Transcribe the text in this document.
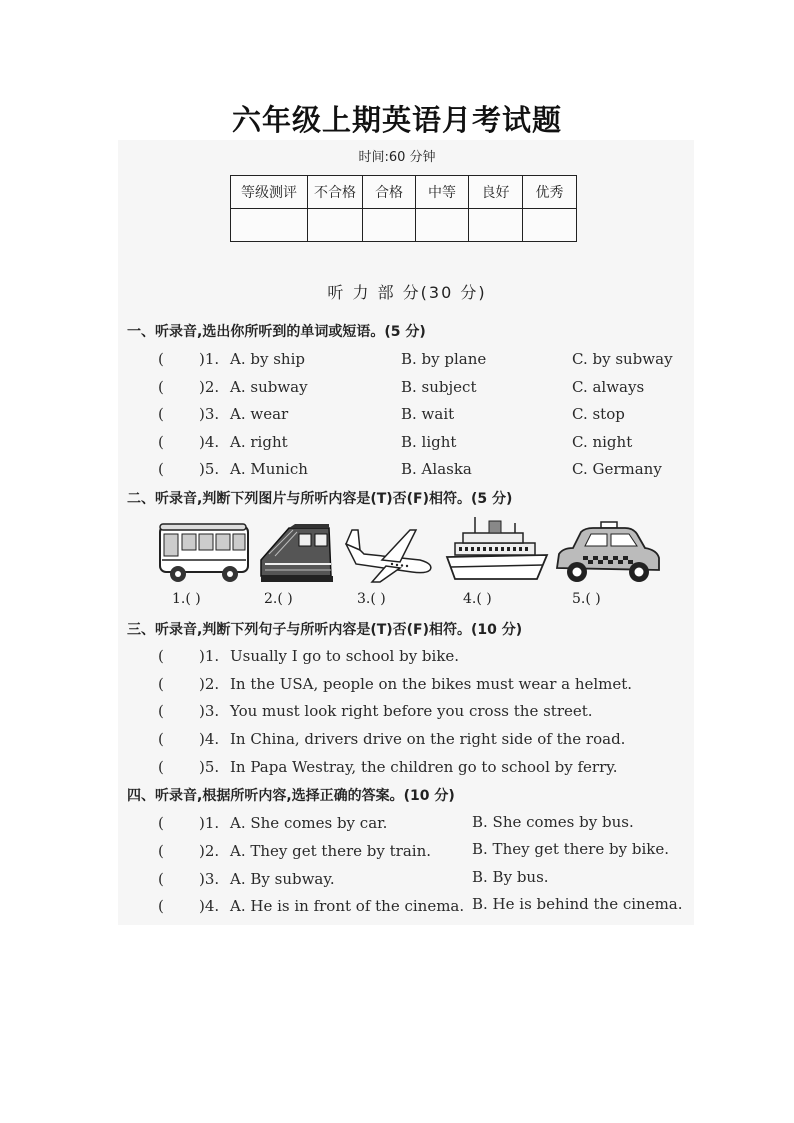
六年级上期英语月考试题
时间:60 分钟
等级测评	不合格	合格	中等	良好	优秀

听 力 部 分(30 分)
一、听录音,选出你所听到的单词或短语。(5 分)
( )1. A. by ship	B. by plane	C. by subway
( )2. A. subway	B. subject	C. always
( )3. A. wear	B. wait	C. stop
( )4. A. right	B. light	C. night
( )5. A. Munich	B. Alaska	C. Germany
二、听录音,判断下列图片与所听内容是(T)否(F)相符。(5 分)
1.( )	2.( )	3.( )	4.( )	5.( )
三、听录音,判断下列句子与所听内容是(T)否(F)相符。(10 分)
( )1. Usually I go to school by bike.
( )2. In the USA, people on the bikes must wear a helmet.
( )3. You must look right before you cross the street.
( )4. In China, drivers drive on the right side of the road.
( )5. In Papa Westray, the children go to school by ferry.
四、听录音,根据所听内容,选择正确的答案。(10 分)
( )1. A. She comes by car.	B. She comes by bus.
( )2. A. They get there by train.	B. They get there by bike.
( )3. A. By subway.	B. By bus.
( )4. A. He is in front of the cinema. B. He is behind the cinema.
